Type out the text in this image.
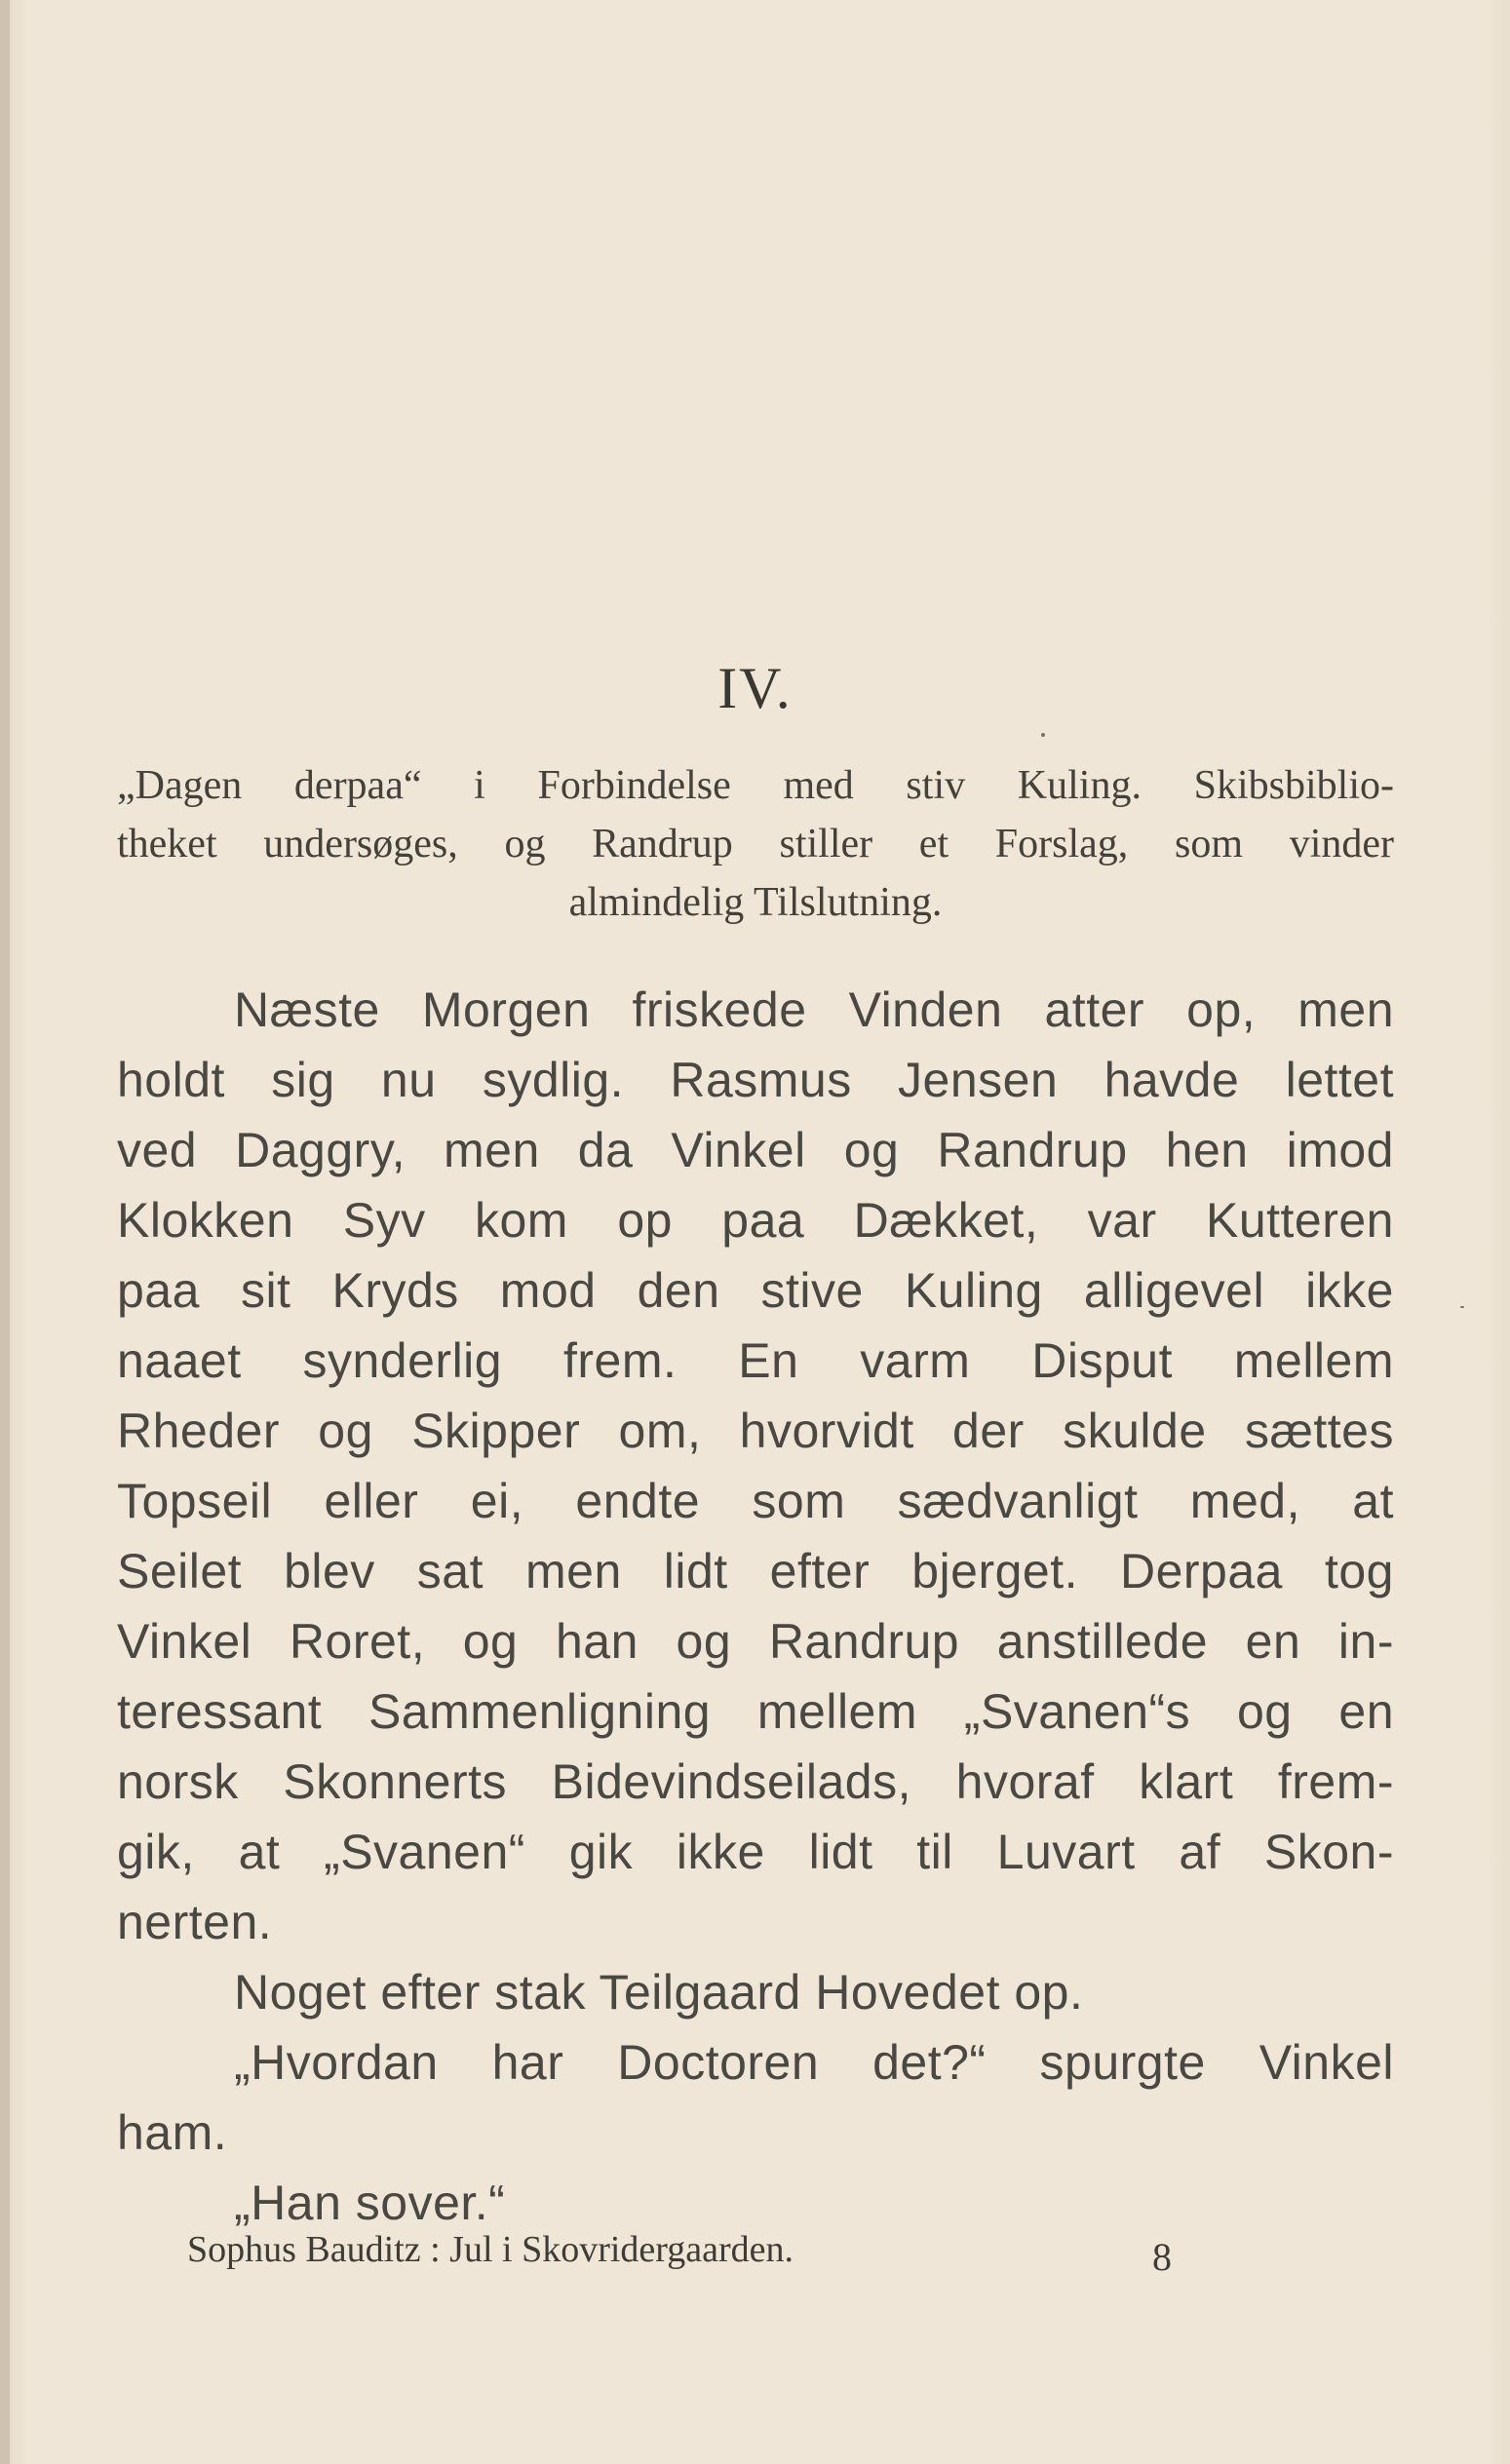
IV.
„Dagen derpaa“ i Forbindelse med stiv Kuling. Skibsbiblio-
theket undersøges, og Randrup stiller et Forslag, som vinder
almindelig Tilslutning.
Næste Morgen friskede Vinden atter op, men
holdt sig nu sydlig. Rasmus Jensen havde lettet
ved Daggry, men da Vinkel og Randrup hen imod
Klokken Syv kom op paa Dækket, var Kutteren
paa sit Kryds mod den stive Kuling alligevel ikke
naaet synderlig frem. En varm Disput mellem
Rheder og Skipper om, hvorvidt der skulde sættes
Topseil eller ei, endte som sædvanligt med, at
Seilet blev sat men lidt efter bjerget. Derpaa tog
Vinkel Roret, og han og Randrup anstillede en in-
teressant Sammenligning mellem „Svanen“s og en
norsk Skonnerts Bidevindseilads, hvoraf klart frem-
gik, at „Svanen“ gik ikke lidt til Luvart af Skon-
nerten.
Noget efter stak Teilgaard Hovedet op.
„Hvordan har Doctoren det?“ spurgte Vinkel
ham.
„Han sover.“
Sophus Bauditz : Jul i Skovridergaarden.	8
